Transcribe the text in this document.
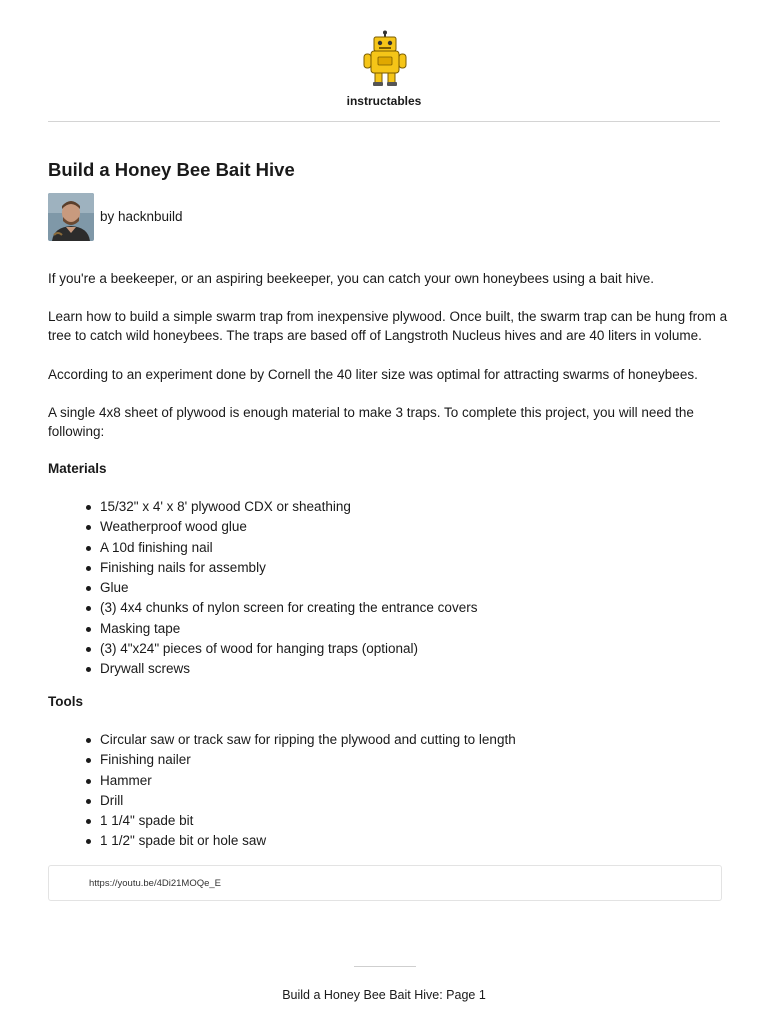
instructables
Build a Honey Bee Bait Hive
by hacknbuild

If you're a beekeeper, or an aspiring beekeeper, you can catch your own honeybees using a bait hive.

Learn how to build a simple swarm trap from inexpensive plywood. Once built, the swarm trap can be hung from a tree to catch wild honeybees. The traps are based off of Langstroth Nucleus hives and are 40 liters in volume.

According to an experiment done by Cornell the 40 liter size was optimal for attracting swarms of honeybees.

A single 4x8 sheet of plywood is enough material to make 3 traps. To complete this project, you will need the following:

Materials
15/32" x 4' x 8' plywood CDX or sheathing
Weatherproof wood glue
A 10d finishing nail
Finishing nails for assembly
Glue
(3) 4x4 chunks of nylon screen for creating the entrance covers
Masking tape
(3) 4"x24" pieces of wood for hanging traps (optional)
Drywall screws
Tools
Circular saw or track saw for ripping the plywood and cutting to length
Finishing nailer
Hammer
Drill
1 1/4" spade bit
1 1/2" spade bit or hole saw
https://youtu.be/4Di21MOQe_E
Build a Honey Bee Bait Hive: Page 1
